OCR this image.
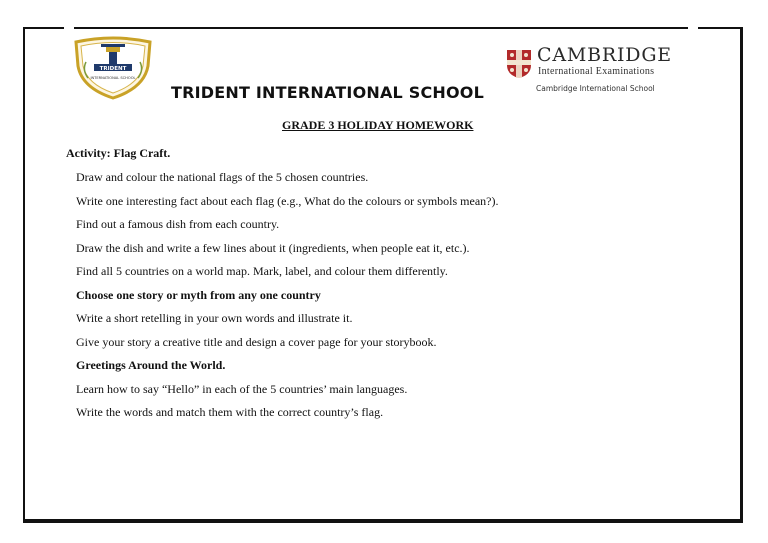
TRIDENT
INTERNATIONAL SCHOOL
TRIDENT INTERNATIONAL SCHOOL
CAMBRIDGE
International Examinations
Cambridge International School
GRADE 3 HOLIDAY HOMEWORK
Activity: Flag Craft.
Draw and colour the national flags of the 5 chosen countries.
Write one interesting fact about each flag (e.g., What do the colours or symbols mean?).
Find out a famous dish from each country.
Draw the dish and write a few lines about it (ingredients, when people eat it, etc.).
Find all 5 countries on a world map. Mark, label, and colour them differently.
Choose one story or myth from any one country
Write a short retelling in your own words and illustrate it.
Give your story a creative title and design a cover page for your storybook.
Greetings Around the World.
Learn how to say “Hello” in each of the 5 countries’ main languages.
Write the words and match them with the correct country’s flag.
